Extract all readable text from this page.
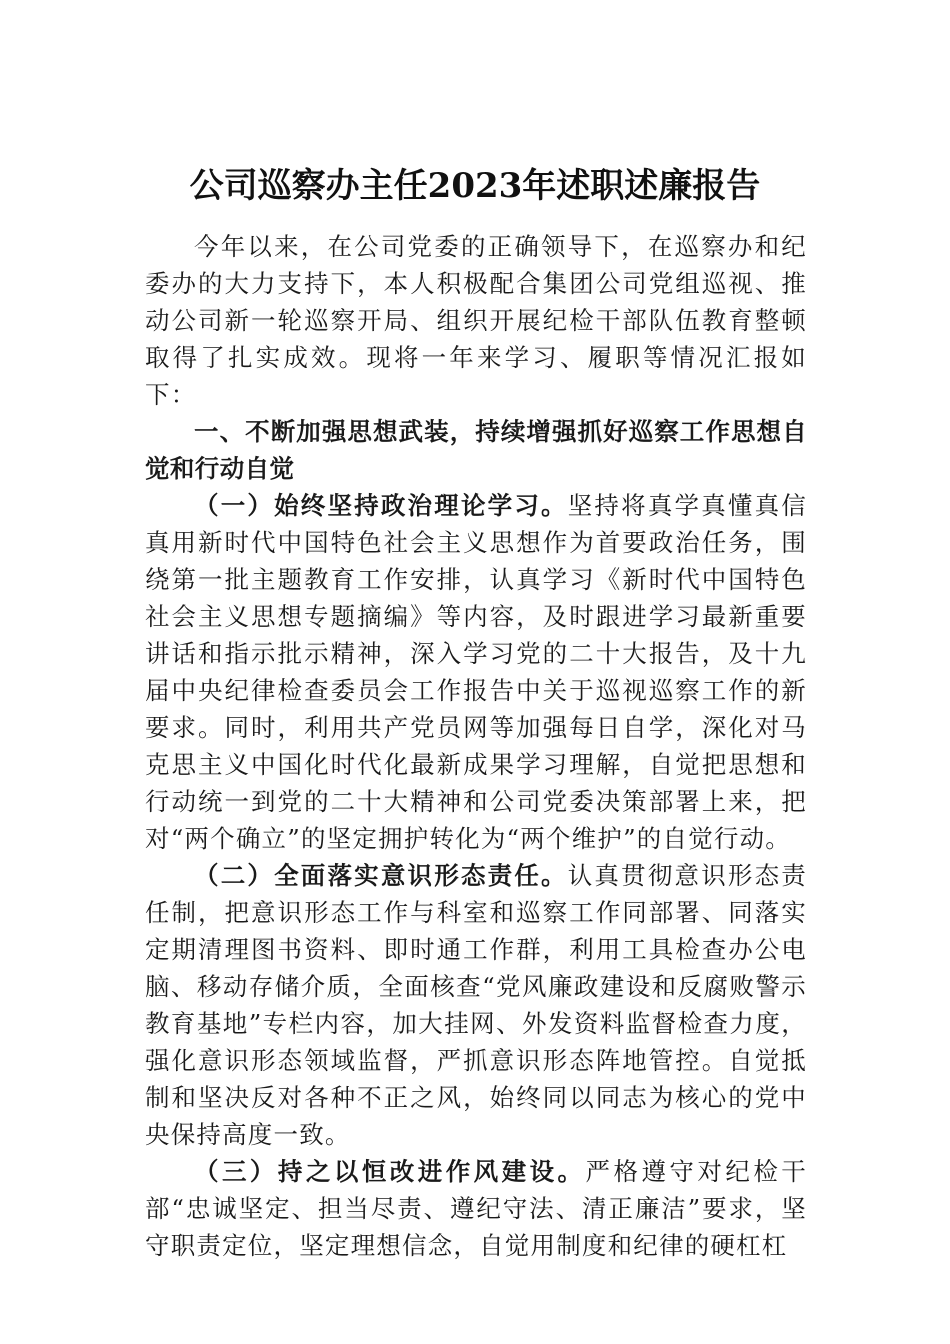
公司巡察办主任2023年述职述廉报告

今年以来，在公司党委的正确领导下，在巡察办和纪委办的大力支持下，本人积极配合集团公司党组巡视、推动公司新一轮巡察开局、组织开展纪检干部队伍教育整顿取得了扎实成效。现将一年来学习、履职等情况汇报如下：

一、不断加强思想武装，持续增强抓好巡察工作思想自觉和行动自觉

（一）始终坚持政治理论学习。坚持将真学真懂真信真用新时代中国特色社会主义思想作为首要政治任务，围绕第一批主题教育工作安排，认真学习《新时代中国特色社会主义思想专题摘编》等内容，及时跟进学习最新重要讲话和指示批示精神，深入学习党的二十大报告，及十九届中央纪律检查委员会工作报告中关于巡视巡察工作的新要求。同时，利用共产党员网等加强每日自学，深化对马克思主义中国化时代化最新成果学习理解，自觉把思想和行动统一到党的二十大精神和公司党委决策部署上来，把对“两个确立”的坚定拥护转化为“两个维护”的自觉行动。

（二）全面落实意识形态责任。认真贯彻意识形态责任制，把意识形态工作与科室和巡察工作同部署、同落实定期清理图书资料、即时通工作群，利用工具检查办公电脑、移动存储介质，全面核查“党风廉政建设和反腐败警示教育基地”专栏内容，加大挂网、外发资料监督检查力度，强化意识形态领域监督，严抓意识形态阵地管控。自觉抵制和坚决反对各种不正之风，始终同以同志为核心的党中央保持高度一致。

（三）持之以恒改进作风建设。严格遵守对纪检干部“忠诚坚定、担当尽责、遵纪守法、清正廉洁”要求，坚守职责定位，坚定理想信念，自觉用制度和纪律的硬杠杠
